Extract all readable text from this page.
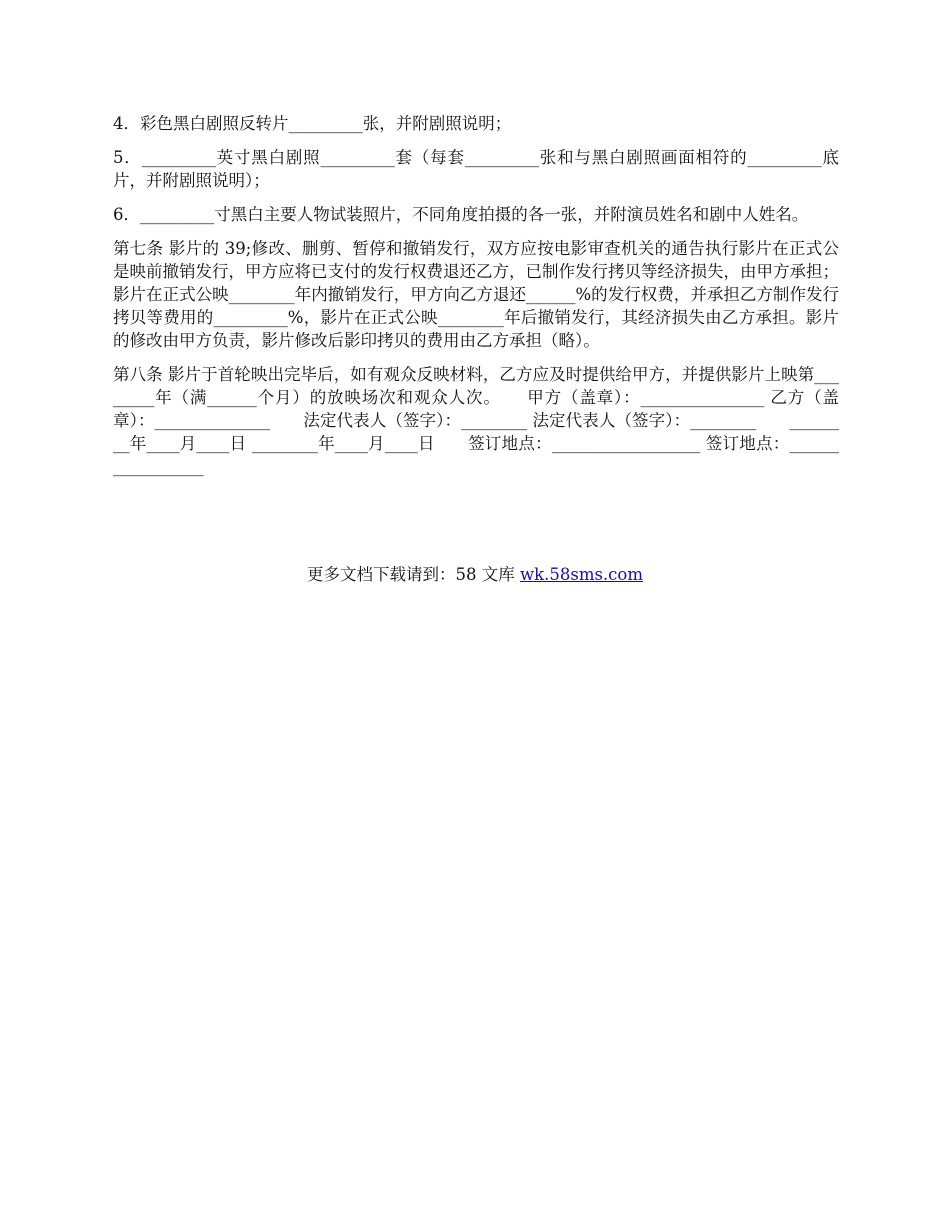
4．彩色黑白剧照反转片_________张，并附剧照说明；

5．_________英寸黑白剧照_________套（每套_________张和与黑白剧照画面相符的_________底片，并附剧照说明）；

6．_________寸黑白主要人物试装照片，不同角度拍摄的各一张，并附演员姓名和剧中人姓名。

第七条 影片的 39;修改、删剪、暂停和撤销发行，双方应按电影审查机关的通告执行影片在正式公是映前撤销发行，甲方应将已支付的发行权费退还乙方，已制作发行拷贝等经济损失，由甲方承担；影片在正式公映________年内撤销发行，甲方向乙方退还______%的发行权费，并承担乙方制作发行拷贝等费用的_________%，影片在正式公映________年后撤销发行，其经济损失由乙方承担。影片的修改由甲方负责，影片修改后影印拷贝的费用由乙方承担（略）。

第八条 影片于首轮映出完毕后，如有观众反映材料，乙方应及时提供给甲方，并提供影片上映第________年（满______个月）的放映场次和观众人次。　　甲方（盖章）：_______________ 乙方（盖章）：______________　　法定代表人（签字）：________ 法定代表人（签字）：________　　________年____月____日 ________年____月____日　　签订地点：__________________ 签订地点：_________________

更多文档下载请到：58 文库 wk.58sms.com
